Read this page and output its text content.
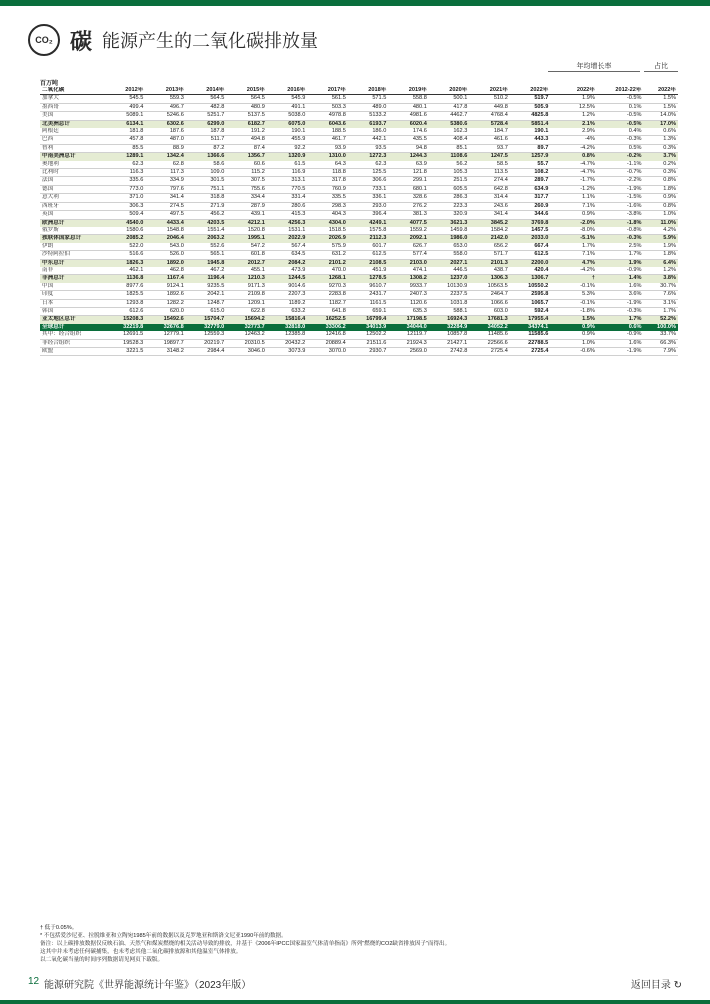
CO₂ 碳 能源产生的二氧化碳排放量
年均增长率	占比
百万吨
二氧化碳	2012年	2013年	2014年	2015年	2016年	2017年	2018年	2019年	2020年	2021年	2022年	2022年	2012-22年	2022年
加拿大	545.5	559.3	564.5	564.5	545.9	561.5	571.5	558.8	500.1	510.2	519.7	1.9%	-0.5%	1.5%
墨西哥	499.4	496.7	482.8	480.9	491.1	503.3	489.0	480.1	417.8	449.8	505.9	12.5%	0.1%	1.5%
美国	5089.1	5246.6	5251.7	5137.5	5038.0	4978.8	5133.2	4981.6	4462.7	4768.4	4825.8	1.2%	-0.5%	14.0%
北美洲总计	6134.1	6302.6	6299.0	6182.7	6075.0	6043.6	6193.7	6020.4	5380.6	5728.4	5851.4	2.1%	-0.5%	17.0%
阿根廷	181.8	187.6	187.8	191.2	190.1	188.5	186.0	174.6	162.3	184.7	190.1	2.9%	0.4%	0.6%
巴西	457.8	487.0	511.7	494.8	455.9	461.7	442.1	435.5	408.4	461.6	443.3	-4%	-0.3%	1.3%
智利	85.5	88.9	87.2	87.4	92.2	93.9	93.5	94.8	85.1	93.7	89.7	-4.2%	0.5%	0.3%
中南美洲总计	1289.1	1342.4	1366.6	1356.7	1320.9	1310.0	1272.3	1244.3	1108.6	1247.5	1257.9	0.8%	-0.2%	3.7%
奥地利	62.3	62.8	58.6	60.6	61.5	64.3	62.3	63.9	56.2	58.5	55.7	-4.7%	-1.1%	0.2%
比利时	116.3	117.3	109.0	115.2	116.9	118.8	125.5	121.8	105.3	113.5	108.2	-4.7%	-0.7%	0.3%
法国	335.6	334.9	301.5	307.5	313.1	317.8	306.6	299.1	251.5	274.4	289.7	-1.7%	-2.2%	0.8%
德国	773.0	797.6	751.1	755.6	770.5	760.9	733.1	680.1	605.5	642.8	634.9	-1.2%	-1.9%	1.8%
意大利	371.0	341.4	318.8	334.4	331.4	335.5	336.1	328.6	286.3	314.4	317.7	1.1%	-1.5%	0.9%
西班牙	306.3	274.5	271.9	287.9	280.6	298.3	293.0	276.2	223.3	243.6	260.9	7.1%	-1.6%	0.8%
英国	509.4	497.5	456.2	439.1	415.3	404.3	396.4	381.3	320.9	341.4	344.6	0.9%	-3.8%	1.0%
欧洲总计	4540.0	4433.4	4203.5	4212.1	4256.3	4304.0	4249.1	4077.5	3621.3	3845.2	3769.8	-2.0%	-1.8%	11.0%
俄罗斯	1580.6	1548.8	1551.4	1520.8	1531.1	1518.5	1575.8	1559.2	1459.8	1584.2	1457.5	-8.0%	-0.8%	4.2%
独联体国家总计	2085.2	2046.4	2063.2	1995.1	2022.9	2026.9	2112.3	2092.1	1986.0	2142.0	2033.0	-5.1%	-0.3%	5.9%
伊朗	522.0	543.0	552.6	547.2	567.4	575.9	601.7	626.7	653.0	656.2	667.4	1.7%	2.5%	1.9%
沙特阿拉伯	516.6	526.0	565.1	601.8	634.5	631.2	612.5	577.4	558.0	571.7	612.5	7.1%	1.7%	1.8%
中东总计	1826.3	1892.0	1945.8	2012.7	2084.2	2101.2	2108.5	2103.0	2027.1	2101.3	2200.0	4.7%	1.9%	6.4%
南非	462.1	462.8	467.2	455.1	473.9	470.0	451.9	474.1	446.5	438.7	420.4	-4.2%	-0.9%	1.2%
非洲总计	1136.8	1167.4	1196.4	1210.3	1244.5	1268.1	1278.5	1308.2	1237.0	1306.3	1306.7	†	1.4%	3.8%
中国	8977.6	9124.1	9235.5	9171.3	9014.6	9270.3	9610.7	9933.7	10130.9	10563.5	10550.2	-0.1%	1.6%	30.7%
印度	1825.5	1892.6	2042.1	2109.8	2207.3	2283.8	2431.7	2407.3	2237.5	2464.7	2595.8	5.3%	3.6%	7.6%
日本	1293.8	1282.2	1248.7	1209.1	1189.2	1182.7	1161.5	1120.6	1031.8	1066.6	1065.7	-0.1%	-1.9%	3.1%
韩国	612.6	620.0	615.0	622.8	633.2	641.8	659.1	635.3	588.1	603.0	592.4	-1.8%	-0.3%	1.7%
亚太地区总计	15208.3	15492.6	15704.7	15694.2	15816.4	16252.5	16799.4	17198.5	16924.3	17681.3	17955.4	1.5%	1.7%	52.2%
全球总计	32219.8	32676.8	32779.0	32773.7	32818.0	33306.2	34013.9	34044.0	32284.9	34052.2	34374.1	0.9%	0.6%	100.0%
其中：经合组织	12691.5	12779.1	12559.3	12463.2	12385.8	12416.8	12502.2	12119.7	10857.8	11485.6	11585.6	0.9%	-0.9%	33.7%
非经合组织	19528.3	19897.7	20219.7	20310.5	20432.2	20889.4	21511.6	21924.3	21427.1	22566.6	22788.5	1.0%	1.6%	66.3%
欧盟	3221.5	3148.2	2984.4	3046.0	3073.9	3070.0	2930.7	2569.0	2742.8	2725.4	2725.4	-0.6%	-1.9%	7.9%
† 低于0.05%。
* 不包括爱沙尼亚、拉脱维亚和立陶宛1985年前的数据以及克罗地亚和斯洛文尼亚1990年前的数据。
备注：以上碳排放数据仅反映石油、天然气和煤炭燃烧的相关活动导致的排放，并基于《2006年IPCC国家温室气体清单指南》所列“燃烧的CO2缺省排放因子”而得出。
这其中并未考虑任何碳捕集，也未考虑其他二氧化碳排放源和其他温室气体排放。
以二氧化碳当量的时间序列数据请见网页下载版。
12 能源研究院《世界能源统计年鉴》（2023年版）	返回目录 ↻
